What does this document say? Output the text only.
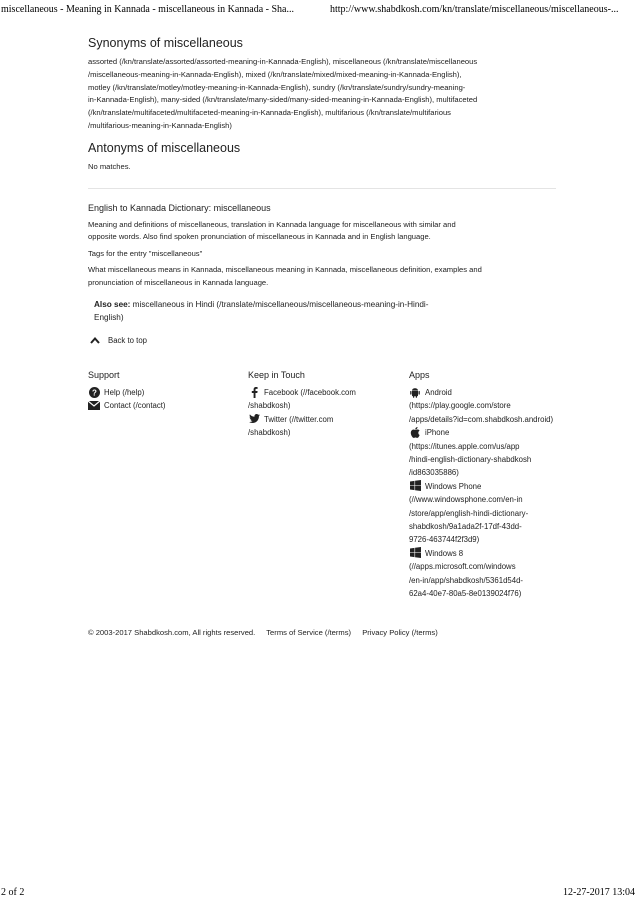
miscellaneous - Meaning in Kannada - miscellaneous in Kannada - Sha...	http://www.shabdkosh.com/kn/translate/miscellaneous/miscellaneous-...
Synonyms of miscellaneous
assorted (/kn/translate/assorted/assorted-meaning-in-Kannada-English), miscellaneous (/kn/translate/miscellaneous
/miscellaneous-meaning-in-Kannada-English), mixed (/kn/translate/mixed/mixed-meaning-in-Kannada-English),
motley (/kn/translate/motley/motley-meaning-in-Kannada-English), sundry (/kn/translate/sundry/sundry-meaning-
in-Kannada-English), many-sided (/kn/translate/many-sided/many-sided-meaning-in-Kannada-English), multifaceted
(/kn/translate/multifaceted/multifaceted-meaning-in-Kannada-English), multifarious (/kn/translate/multifarious
/multifarious-meaning-in-Kannada-English)
Antonyms of miscellaneous
No matches.
English to Kannada Dictionary: miscellaneous
Meaning and definitions of miscellaneous, translation in Kannada language for miscellaneous with similar and
opposite words. Also find spoken pronunciation of miscellaneous in Kannada and in English language.
Tags for the entry "miscellaneous"
What miscellaneous means in Kannada, miscellaneous meaning in Kannada, miscellaneous definition, examples and
pronunciation of miscellaneous in Kannada language.
Also see: miscellaneous in Hindi (/translate/miscellaneous/miscellaneous-meaning-in-Hindi-
English)
Back to top
Support
? Help (/help)
Contact (/contact)
Keep in Touch
Facebook (//facebook.com
/shabdkosh)
Twitter (//twitter.com
/shabdkosh)
Apps
Android
(https://play.google.com/store
/apps/details?id=com.shabdkosh.android)
iPhone
(https://itunes.apple.com/us/app
/hindi-english-dictionary-shabdkosh
/id863035886)
Windows Phone
(//www.windowsphone.com/en-in
/store/app/english-hindi-dictionary-
shabdkosh/9a1ada2f-17df-43dd-
9726-463744f2f3d9)
Windows 8
(//apps.microsoft.com/windows
/en-in/app/shabdkosh/5361d54d-
62a4-40e7-80a5-8e0139024f76)
© 2003-2017 Shabdkosh.com, All rights reserved. Terms of Service (/terms) Privacy Policy (/terms)
2 of 2	12-27-2017 13:04
